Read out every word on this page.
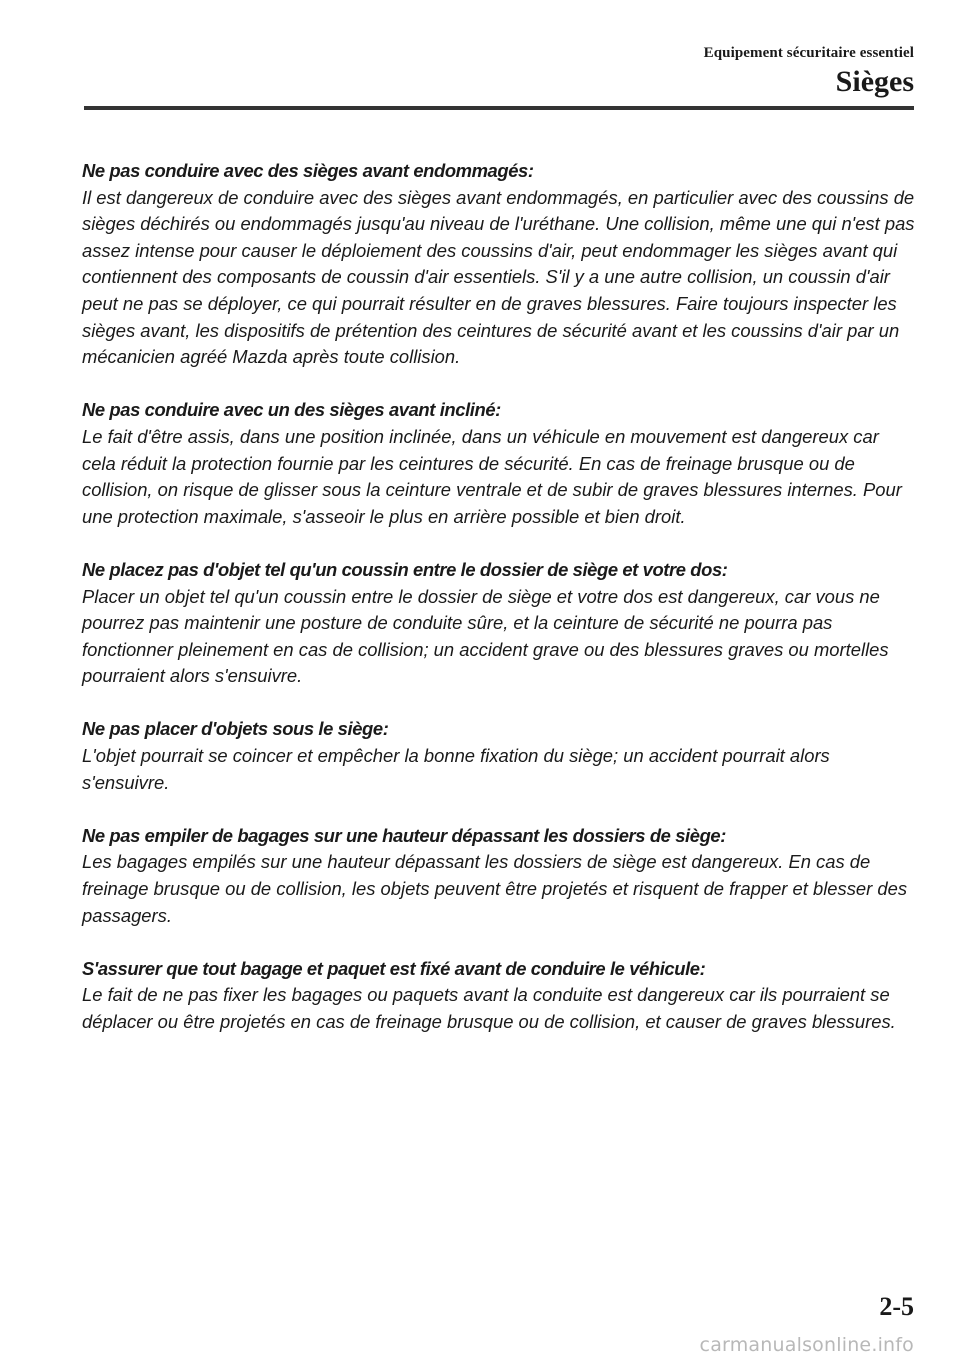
Equipement sécuritaire essentiel
Sièges
Ne pas conduire avec des sièges avant endommagés:

Il est dangereux de conduire avec des sièges avant endommagés, en particulier avec des coussins de sièges déchirés ou endommagés jusqu'au niveau de l'uréthane. Une collision, même une qui n'est pas assez intense pour causer le déploiement des coussins d'air, peut endommager les sièges avant qui contiennent des composants de coussin d'air essentiels. S'il y a une autre collision, un coussin d'air peut ne pas se déployer, ce qui pourrait résulter en de graves blessures. Faire toujours inspecter les sièges avant, les dispositifs de prétention des ceintures de sécurité avant et les coussins d'air par un mécanicien agréé Mazda après toute collision.

Ne pas conduire avec un des sièges avant incliné:

Le fait d'être assis, dans une position inclinée, dans un véhicule en mouvement est dangereux car cela réduit la protection fournie par les ceintures de sécurité. En cas de freinage brusque ou de collision, on risque de glisser sous la ceinture ventrale et de subir de graves blessures internes. Pour une protection maximale, s'asseoir le plus en arrière possible et bien droit.

Ne placez pas d'objet tel qu'un coussin entre le dossier de siège et votre dos:

Placer un objet tel qu'un coussin entre le dossier de siège et votre dos est dangereux, car vous ne pourrez pas maintenir une posture de conduite sûre, et la ceinture de sécurité ne pourra pas fonctionner pleinement en cas de collision; un accident grave ou des blessures graves ou mortelles pourraient alors s'ensuivre.

Ne pas placer d'objets sous le siège:

L'objet pourrait se coincer et empêcher la bonne fixation du siège; un accident pourrait alors s'ensuivre.

Ne pas empiler de bagages sur une hauteur dépassant les dossiers de siège:

Les bagages empilés sur une hauteur dépassant les dossiers de siège est dangereux. En cas de freinage brusque ou de collision, les objets peuvent être projetés et risquent de frapper et blesser des passagers.

S'assurer que tout bagage et paquet est fixé avant de conduire le véhicule:

Le fait de ne pas fixer les bagages ou paquets avant la conduite est dangereux car ils pourraient se déplacer ou être projetés en cas de freinage brusque ou de collision, et causer de graves blessures.

2-5
carmanualsonline.info
